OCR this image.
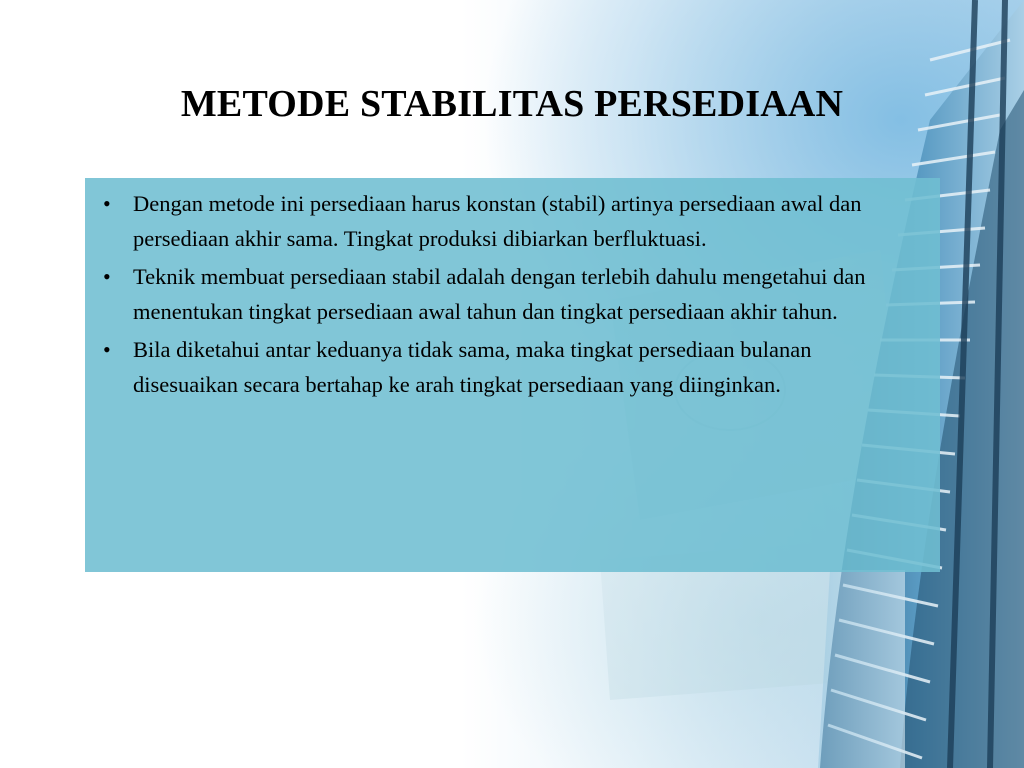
METODE STABILITAS PERSEDIAAN
• Dengan metode ini persediaan harus konstan (stabil) artinya persediaan awal dan persediaan akhir sama. Tingkat produksi dibiarkan berfluktuasi.
• Teknik membuat persediaan stabil adalah dengan terlebih dahulu mengetahui dan menentukan tingkat persediaan awal tahun dan tingkat persediaan akhir tahun.
• Bila diketahui antar keduanya tidak sama, maka tingkat persediaan bulanan disesuaikan secara bertahap ke arah tingkat persediaan yang diinginkan.
